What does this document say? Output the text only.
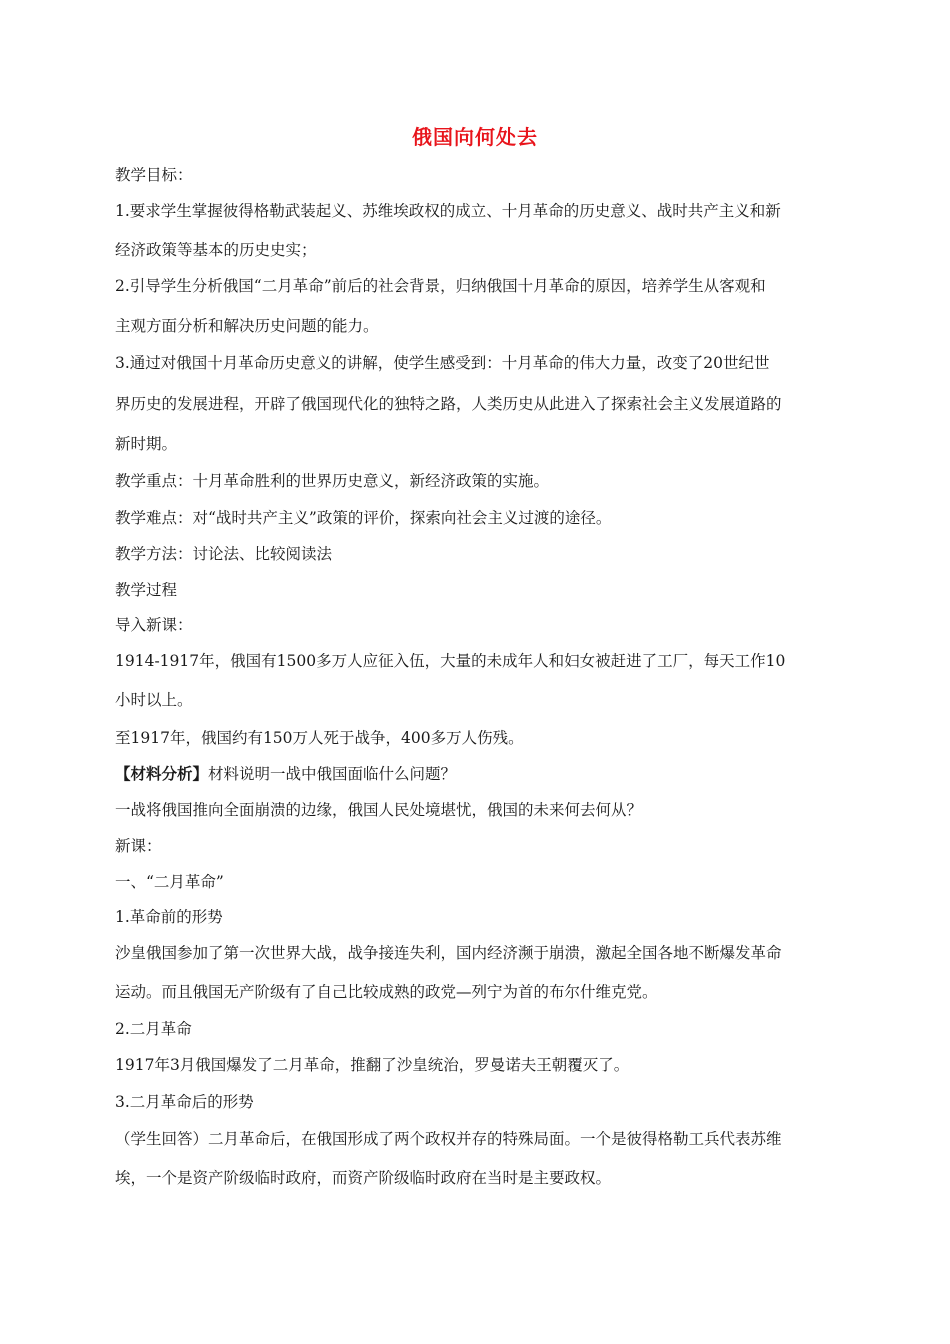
俄国向何处去
教学目标：
1.要求学生掌握彼得格勒武装起义、苏维埃政权的成立、十月革命的历史意义、战时共产主义和新
经济政策等基本的历史史实；
2.引导学生分析俄国“二月革命”前后的社会背景，归纳俄国十月革命的原因，培养学生从客观和
主观方面分析和解决历史问题的能力。
3.通过对俄国十月革命历史意义的讲解，使学生感受到：十月革命的伟大力量，改变了20世纪世
界历史的发展进程，开辟了俄国现代化的独特之路，人类历史从此进入了探索社会主义发展道路的
新时期。
教学重点：十月革命胜利的世界历史意义，新经济政策的实施。
教学难点：对“战时共产主义”政策的评价，探索向社会主义过渡的途径。
教学方法：讨论法、比较阅读法
教学过程
导入新课：
1914-1917年，俄国有1500多万人应征入伍，大量的未成年人和妇女被赶进了工厂，每天工作10
小时以上。
至1917年，俄国约有150万人死于战争，400多万人伤残。
【材料分析】材料说明一战中俄国面临什么问题？
一战将俄国推向全面崩溃的边缘，俄国人民处境堪忧，俄国的未来何去何从？
新课：
一、“二月革命”
1.革命前的形势
沙皇俄国参加了第一次世界大战，战争接连失利，国内经济濒于崩溃，激起全国各地不断爆发革命
运动。而且俄国无产阶级有了自己比较成熟的政党—列宁为首的布尔什维克党。
2.二月革命
1917年3月俄国爆发了二月革命，推翻了沙皇统治，罗曼诺夫王朝覆灭了。
3.二月革命后的形势
（学生回答）二月革命后，在俄国形成了两个政权并存的特殊局面。一个是彼得格勒工兵代表苏维
埃，一个是资产阶级临时政府，而资产阶级临时政府在当时是主要政权。
